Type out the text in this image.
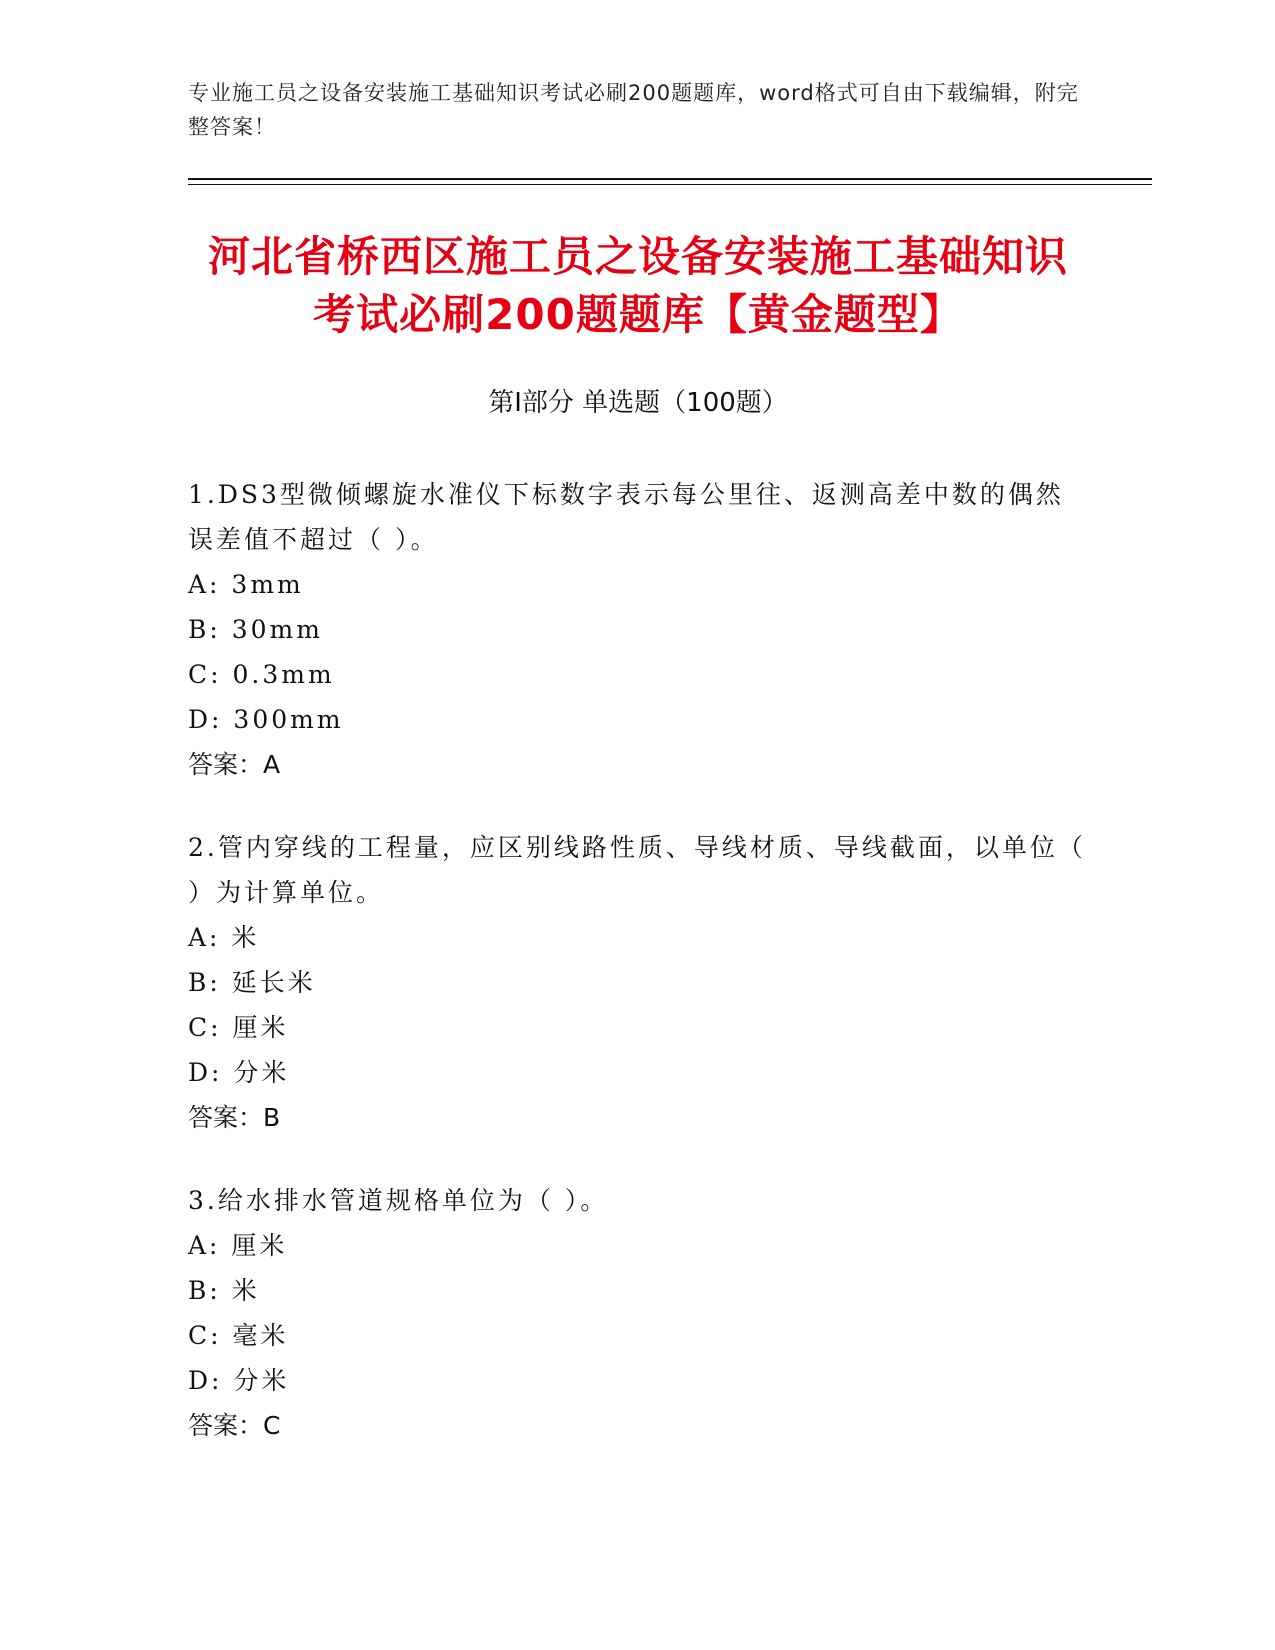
专业施工员之设备安装施工基础知识考试必刷200题题库，word格式可自由下载编辑，附完整答案！
河北省桥西区施工员之设备安装施工基础知识考试必刷200题题库【黄金题型】
第I部分 单选题（100题）
1.DS3型微倾螺旋水准仪下标数字表示每公里往、返测高差中数的偶然误差值不超过（ ）。
A: 3mm
B: 30mm
C: 0.3mm
D: 300mm
答案：A
2.管内穿线的工程量，应区别线路性质、导线材质、导线截面，以单位（ ）为计算单位。
A: 米
B: 延长米
C: 厘米
D: 分米
答案：B
3.给水排水管道规格单位为（ ）。
A: 厘米
B: 米
C: 毫米
D: 分米
答案：C
